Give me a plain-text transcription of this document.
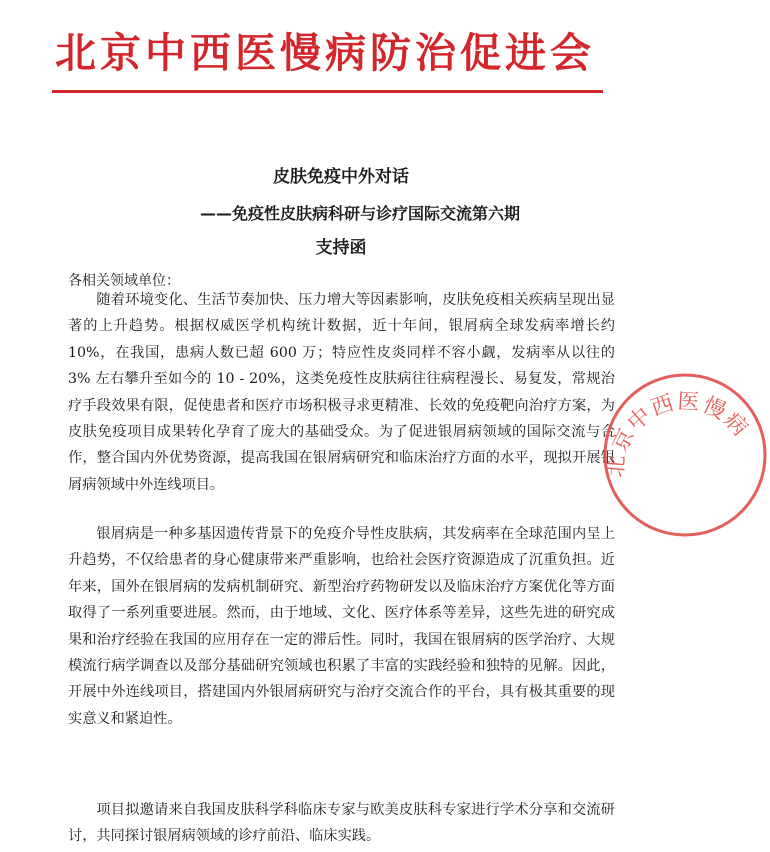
北京中西医慢病防治促进会
皮肤免疫中外对话
——免疫性皮肤病科研与诊疗国际交流第六期
支持函
各相关领域单位：

随着环境变化、生活节奏加快、压力增大等因素影响，皮肤免疫相关疾病呈现出显著的上升趋势。根据权威医学机构统计数据，近十年间，银屑病全球发病率增长约 10%，在我国，患病人数已超 600 万；特应性皮炎同样不容小觑，发病率从以往的 3% 左右攀升至如今的 10 - 20%，这类免疫性皮肤病往往病程漫长、易复发，常规治疗手段效果有限，促使患者和医疗市场积极寻求更精准、长效的免疫靶向治疗方案，为皮肤免疫项目成果转化孕育了庞大的基础受众。为了促进银屑病领域的国际交流与合作，整合国内外优势资源，提高我国在银屑病研究和临床治疗方面的水平，现拟开展银屑病领域中外连线项目。

银屑病是一种多基因遗传背景下的免疫介导性皮肤病，其发病率在全球范围内呈上升趋势，不仅给患者的身心健康带来严重影响，也给社会医疗资源造成了沉重负担。近年来，国外在银屑病的发病机制研究、新型治疗药物研发以及临床治疗方案优化等方面取得了一系列重要进展。然而，由于地域、文化、医疗体系等差异，这些先进的研究成果和治疗经验在我国的应用存在一定的滞后性。同时，我国在银屑病的医学治疗、大规模流行病学调查以及部分基础研究领域也积累了丰富的实践经验和独特的见解。因此，开展中外连线项目，搭建国内外银屑病研究与治疗交流合作的平台，具有极其重要的现实意义和紧迫性。

项目拟邀请来自我国皮肤科学科临床专家与欧美皮肤科专家进行学术分享和交流研讨，共同探讨银屑病领域的诊疗前沿、临床实践。

北京中西医慢病
